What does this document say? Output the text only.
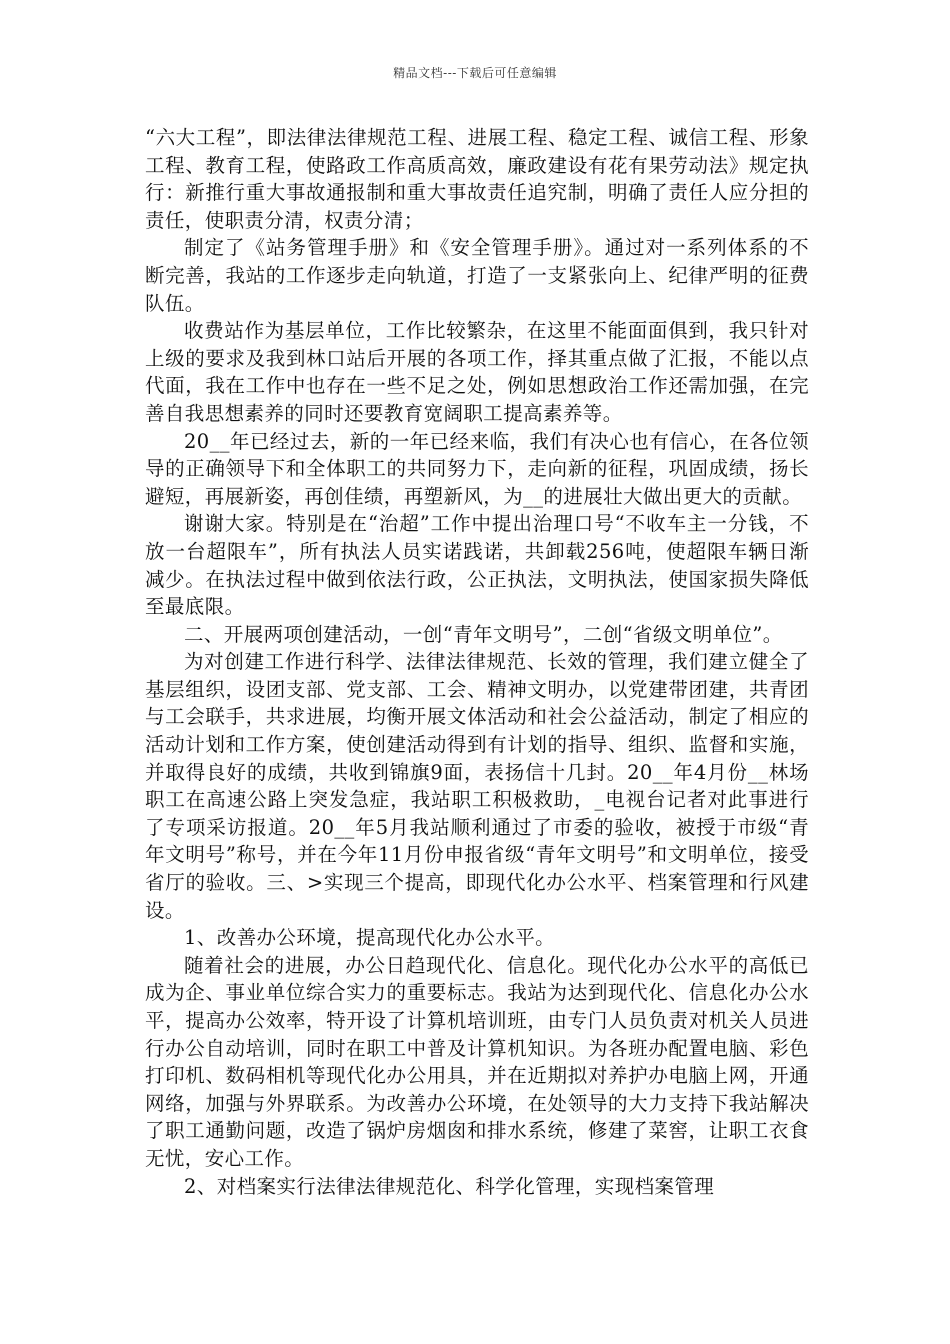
精品文档---下载后可任意编辑

“六大工程”，即法律法律规范工程、进展工程、稳定工程、诚信工程、形象工程、教育工程，使路政工作高质高效，廉政建设有花有果劳动法》规定执行：新推行重大事故通报制和重大事故责任追究制，明确了责任人应分担的责任，使职责分清，权责分清；

制定了《站务管理手册》和《安全管理手册》。通过对一系列体系的不断完善，我站的工作逐步走向轨道，打造了一支紧张向上、纪律严明的征费队伍。

收费站作为基层单位，工作比较繁杂，在这里不能面面俱到，我只针对上级的要求及我到林口站后开展的各项工作，择其重点做了汇报，不能以点代面，我在工作中也存在一些不足之处，例如思想政治工作还需加强，在完善自我思想素养的同时还要教育宽阔职工提高素养等。

20__年已经过去，新的一年已经来临，我们有决心也有信心，在各位领导的正确领导下和全体职工的共同努力下，走向新的征程，巩固成绩，扬长避短，再展新姿，再创佳绩，再塑新风，为__的进展壮大做出更大的贡献。

谢谢大家。特别是在“治超”工作中提出治理口号“不收车主一分钱，不放一台超限车”，所有执法人员实诺践诺，共卸载256吨，使超限车辆日渐减少。在执法过程中做到依法行政，公正执法，文明执法，使国家损失降低至最底限。

二、开展两项创建活动，一创“青年文明号”，二创“省级文明单位”。

为对创建工作进行科学、法律法律规范、长效的管理，我们建立健全了基层组织，设团支部、党支部、工会、精神文明办，以党建带团建，共青团与工会联手，共求进展，均衡开展文体活动和社会公益活动，制定了相应的活动计划和工作方案，使创建活动得到有计划的指导、组织、监督和实施，并取得良好的成绩，共收到锦旗9面，表扬信十几封。20__年4月份__林场职工在高速公路上突发急症，我站职工积极救助，_电视台记者对此事进行了专项采访报道。20__年5月我站顺利通过了市委的验收，被授于市级“青年文明号”称号，并在今年11月份申报省级“青年文明号”和文明单位，接受省厅的验收。三、>实现三个提高，即现代化办公水平、档案管理和行风建设。

1、改善办公环境，提高现代化办公水平。

随着社会的进展，办公日趋现代化、信息化。现代化办公水平的高低已成为企、事业单位综合实力的重要标志。我站为达到现代化、信息化办公水平，提高办公效率，特开设了计算机培训班，由专门人员负责对机关人员进行办公自动培训，同时在职工中普及计算机知识。为各班办配置电脑、彩色打印机、数码相机等现代化办公用具，并在近期拟对养护办电脑上网，开通网络，加强与外界联系。为改善办公环境，在处领导的大力支持下我站解决了职工通勤问题，改造了锅炉房烟囱和排水系统，修建了菜窖，让职工衣食无忧，安心工作。

2、对档案实行法律法律规范化、科学化管理，实现档案管理
